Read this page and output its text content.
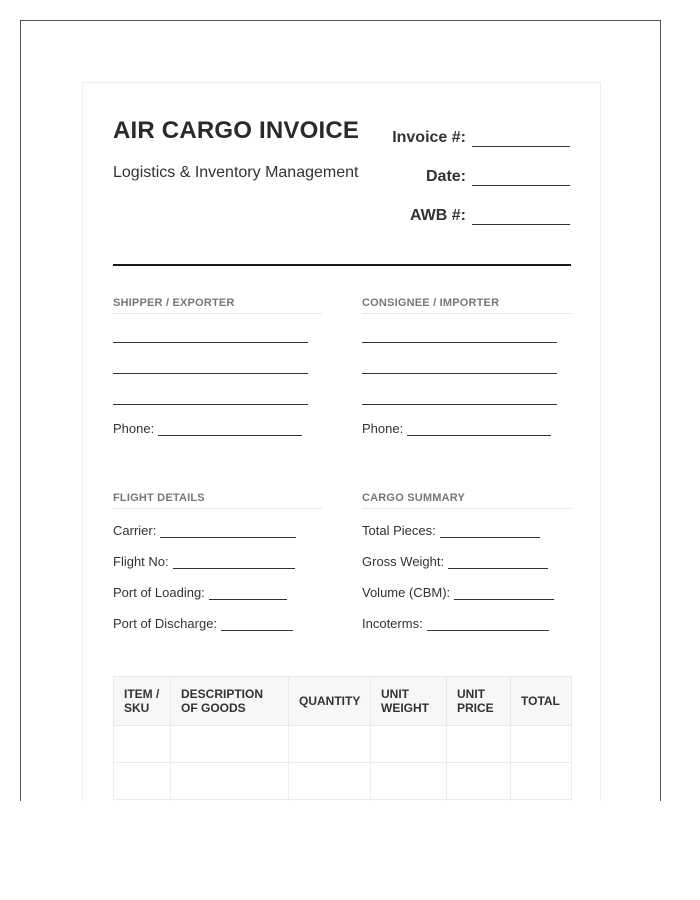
AIR CARGO INVOICE
Logistics & Inventory Management
Invoice #:
Date:
AWB #:
SHIPPER / EXPORTER
Phone:
CONSIGNEE / IMPORTER
Phone:
FLIGHT DETAILS
Carrier:
Flight No:
Port of Loading:
Port of Discharge:
CARGO SUMMARY
Total Pieces:
Gross Weight:
Volume (CBM):
Incoterms:
ITEM / SKU	DESCRIPTION OF GOODS	QUANTITY	UNIT WEIGHT	UNIT PRICE	TOTAL
